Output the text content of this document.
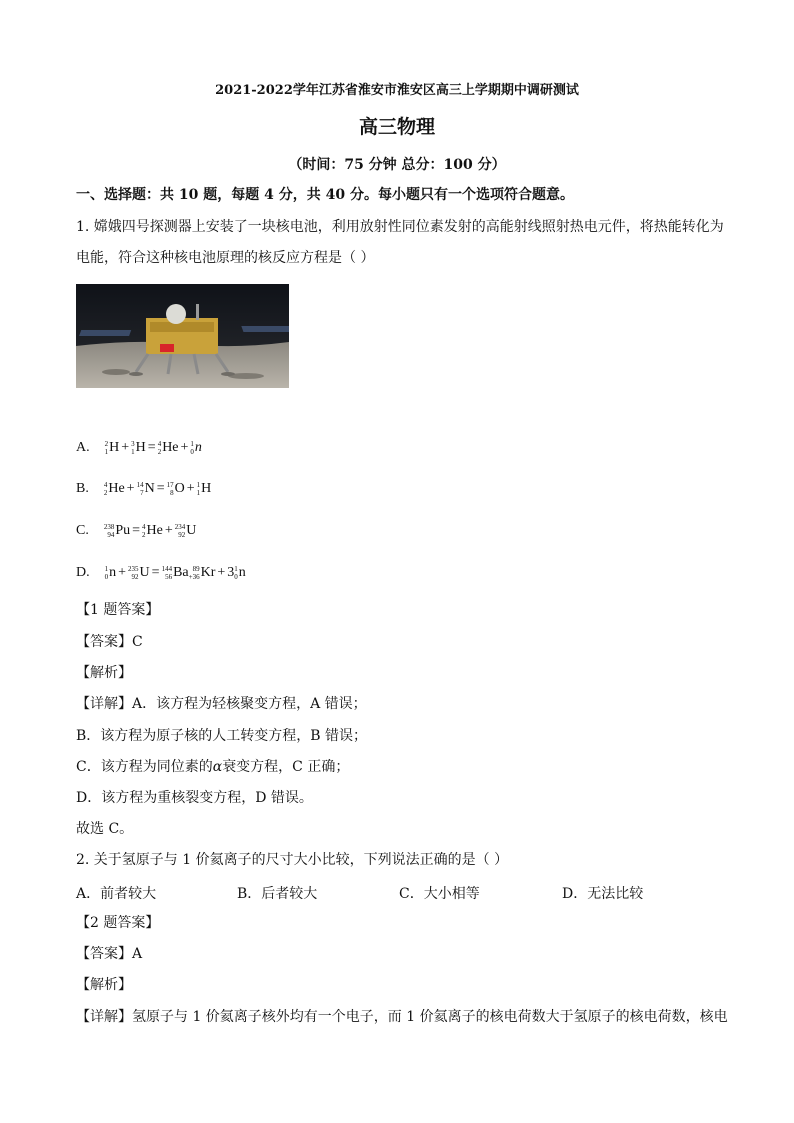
2021-2022学年江苏省淮安市淮安区高三上学期期中调研测试
高三物理
（时间：75 分钟 总分：100 分）
一、选择题：共 10 题，每题 4 分，共 40 分。每小题只有一个选项符合题意。
1. 嫦娥四号探测器上安装了一块核电池，利用放射性同位素发射的高能射线照射热电元件，将热能转化为
电能，符合这种核电池原理的核反应方程是（ ）
A. 2
1 H + 3
1 H = 4
2 He + 1
0 n
B. 4
2 He + 14
7 N = 17
8 O + 1
1 H
C. 238
94 Pu = 4
2 He + 234
92 U
D. 1
0 n + 235
92 U = 144
56 Ba 89
+36 Kr + 3 1
0 n
【1 题答案】
【答案】C
【解析】
【详解】A．该方程为轻核聚变方程，A 错误；
B．该方程为原子核的人工转变方程，B 错误；
C．该方程为同位素的α衰变方程，C 正确；
D．该方程为重核裂变方程，D 错误。
故选 C。
2. 关于氢原子与 1 价氦离子的尺寸大小比较，下列说法正确的是（ ）
A．前者较大	B．后者较大	C．大小相等	D．无法比较
【2 题答案】
【答案】A
【解析】
【详解】氢原子与 1 价氦离子核外均有一个电子，而 1 价氦离子的核电荷数大于氢原子的核电荷数，核电
